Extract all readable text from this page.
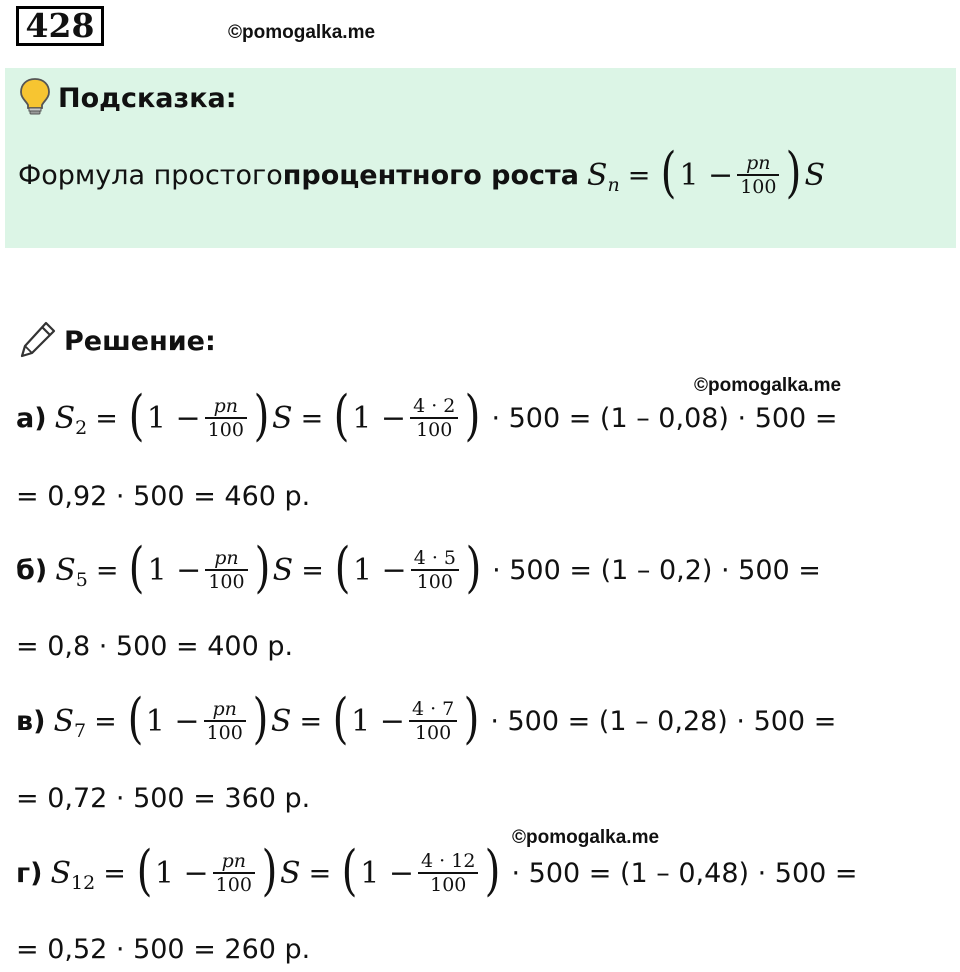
428	©pomogalka.me
Подсказка:
Формула простого процентного роста S n = ( $1 - \frac{pn}{100}$ ) S
Решение:
©pomogalka.me
©pomogalka.me
а) S 2 = ( $1 - \frac{pn}{100}$ ) S = ( $1 - \frac{4 \cdot 2}{100}$ ) · 500 = (1 – 0,08) · 500 =
= 0,92 · 500 = 460 р.
б) S 5 = ( $1 - \frac{pn}{100}$ ) S = ( $1 - \frac{4 \cdot 5}{100}$ ) · 500 = (1 – 0,2) · 500 =
= 0,8 · 500 = 400 р.
в) S 7 = ( $1 - \frac{pn}{100}$ ) S = ( $1 - \frac{4 \cdot 7}{100}$ ) · 500 = (1 – 0,28) · 500 =
= 0,72 · 500 = 360 р.
г) S 12 = ( $1 - \frac{pn}{100}$ ) S = ( $1 - \frac{4 \cdot 12}{100}$ ) · 500 = (1 – 0,48) · 500 =
= 0,52 · 500 = 260 р.
